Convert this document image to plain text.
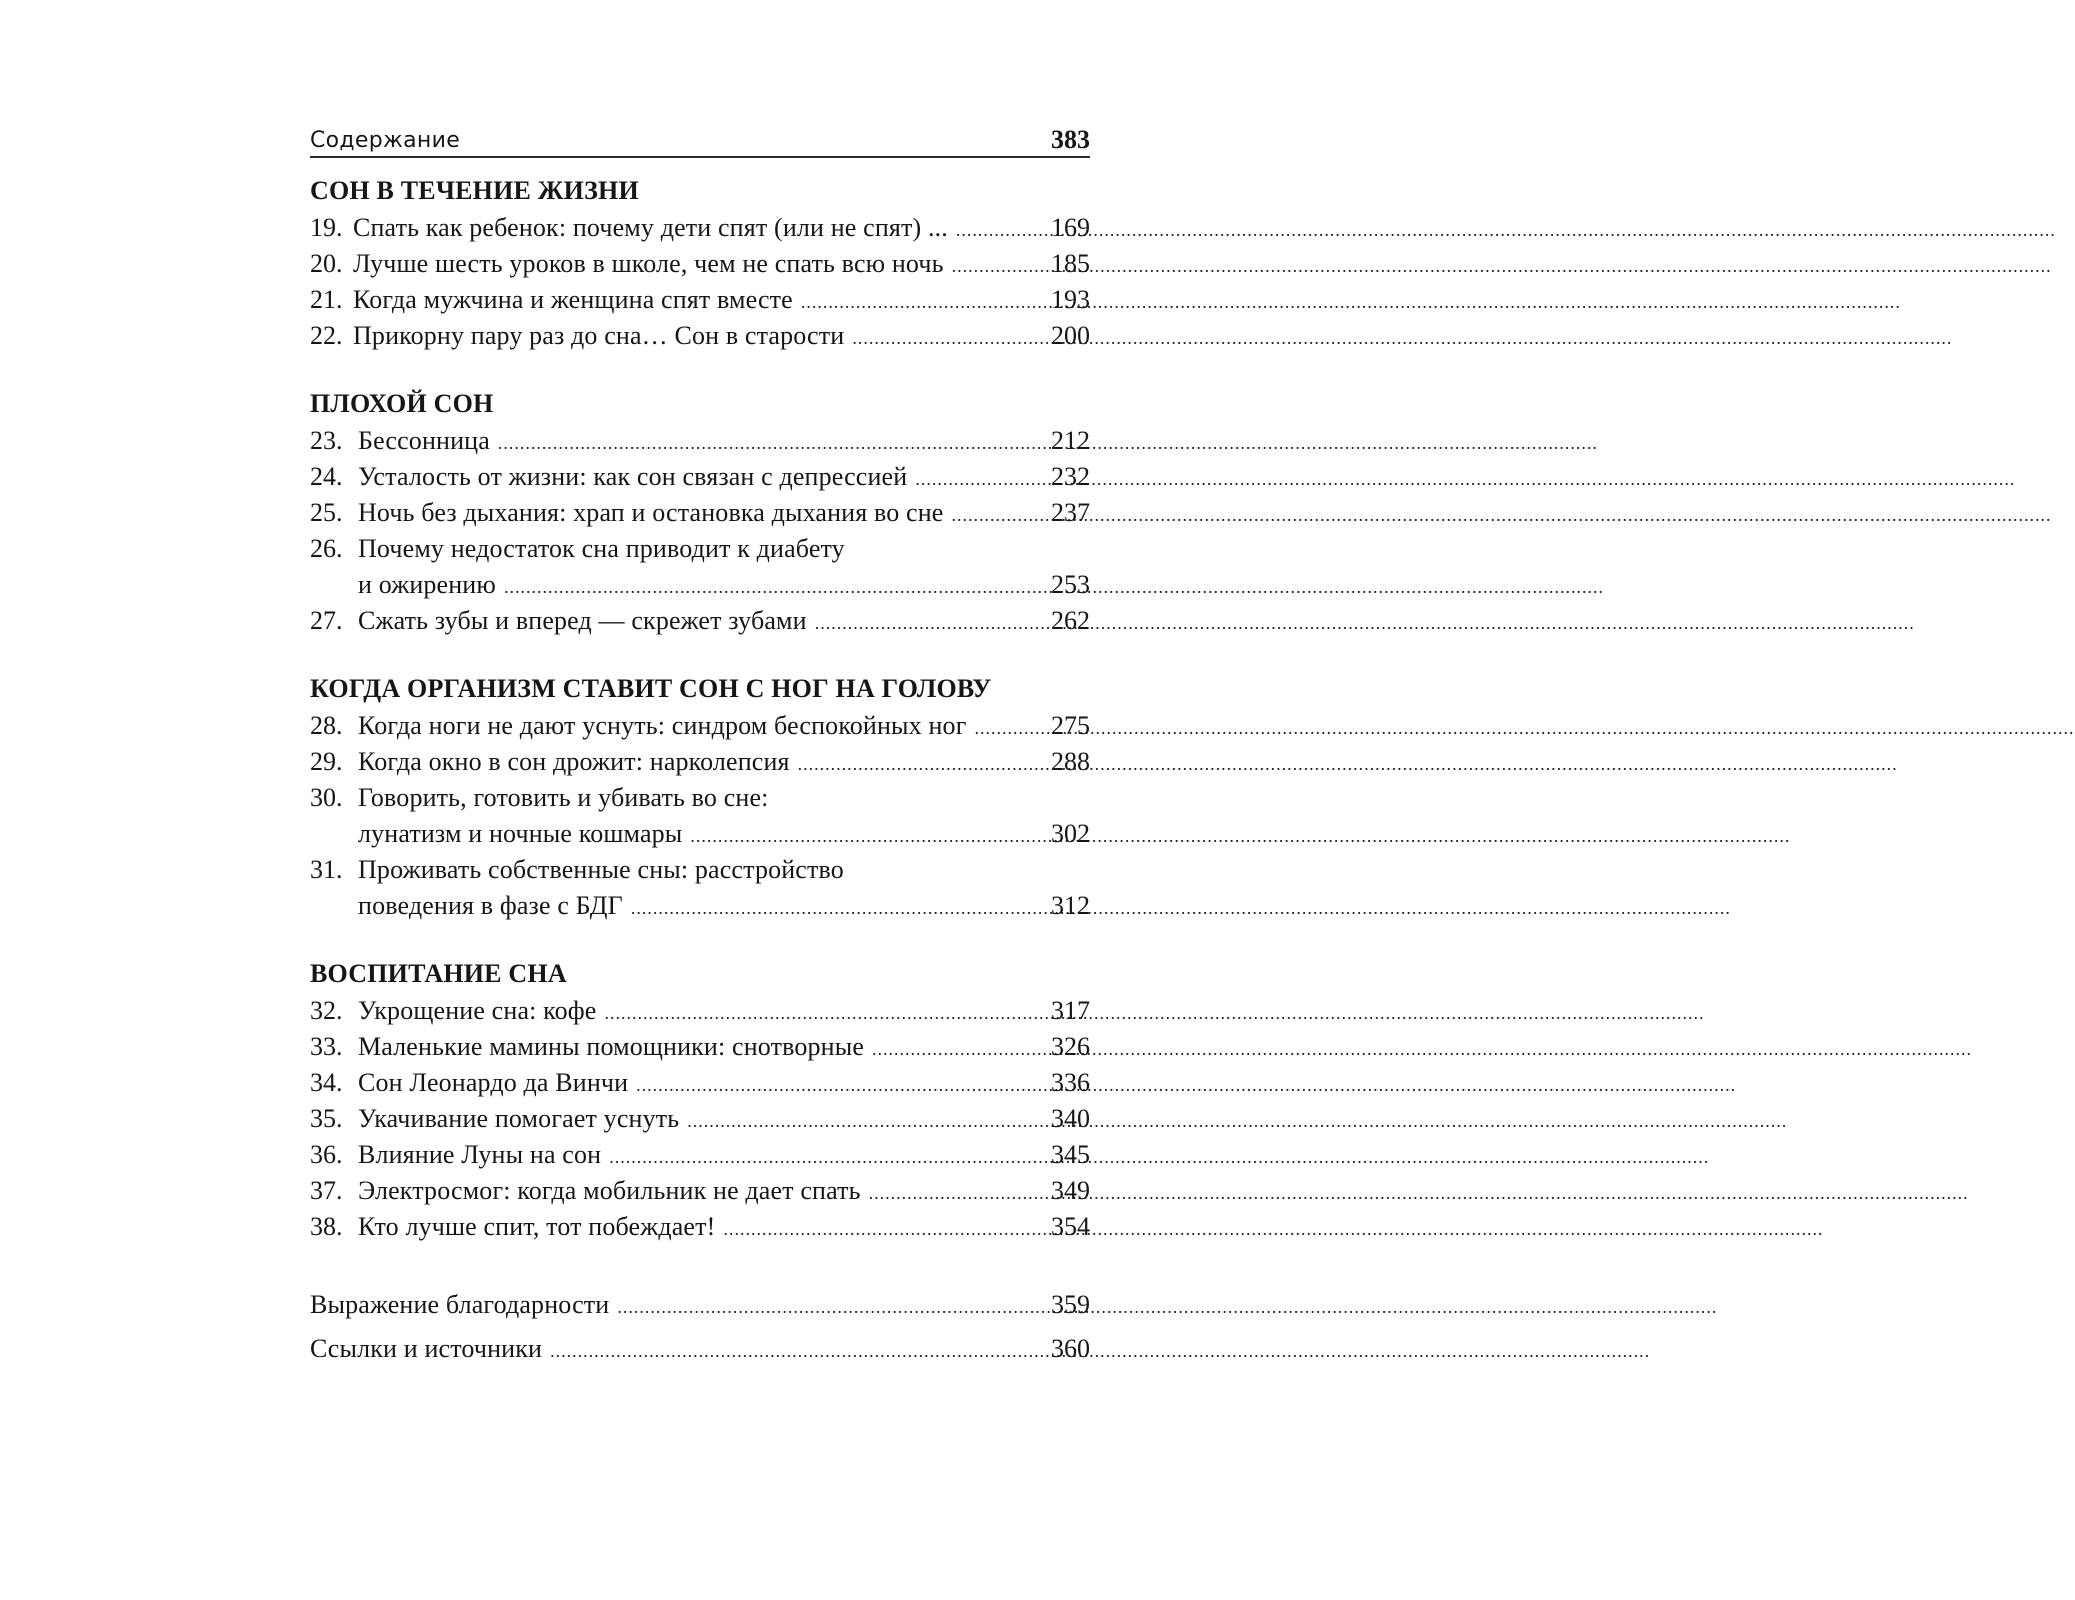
Содержание	383
СОН В ТЕЧЕНИЕ ЖИЗНИ
19. Спать как ребенок: почему дети спят (или не спят) ... .....	169
20. Лучше шесть уроков в школе, чем не спать всю ночь .....	185
21. Когда мужчина и женщина спят вместе .....	193
22. Прикорну пару раз до сна… Сон в старости .....	200
ПЛОХОЙ СОН
23. Бессонница .....	212
24. Усталость от жизни: как сон связан с депрессией .....	232
25. Ночь без дыхания: храп и остановка дыхания во сне .....	237
26. Почему недостаток сна приводит к диабету
и ожирению .....	253
27. Сжать зубы и вперед — скрежет зубами .....	262
КОГДА ОРГАНИЗМ СТАВИТ СОН С НОГ НА ГОЛОВУ
28. Когда ноги не дают уснуть: синдром беспокойных ног .....	275
29. Когда окно в сон дрожит: нарколепсия .....	288
30. Говорить, готовить и убивать во сне:
лунатизм и ночные кошмары .....	302
31. Проживать собственные сны: расстройство
поведения в фазе с БДГ .....	312
ВОСПИТАНИЕ СНА
32. Укрощение сна: кофе .....	317
33. Маленькие мамины помощники: снотворные .....	326
34. Сон Леонардо да Винчи .....	336
35. Укачивание помогает уснуть .....	340
36. Влияние Луны на сон .....	345
37. Электросмог: когда мобильник не дает спать .....	349
38. Кто лучше спит, тот побеждает! .....	354
Выражение благодарности .....	359
Ссылки и источники .....	360
